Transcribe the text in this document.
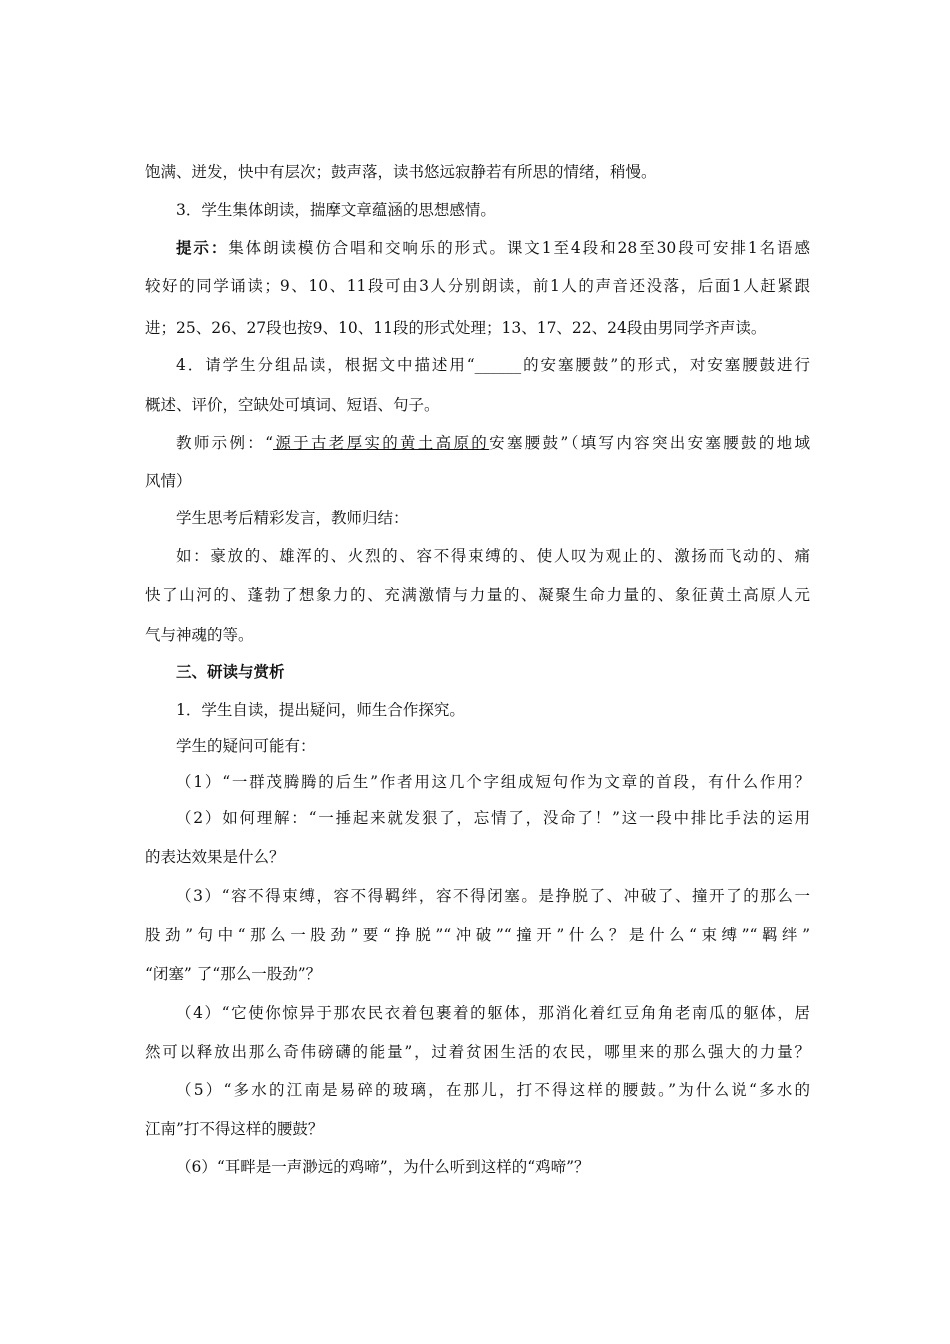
饱满、迸发，快中有层次；鼓声落，读书悠远寂静若有所思的情绪，稍慢。
3．学生集体朗读，揣摩文章蕴涵的思想感情。
提示：集体朗读模仿合唱和交响乐的形式。课文1至4段和28至30段可安排1名语感
较好的同学诵读；9、10、11段可由3人分别朗读，前1人的声音还没落，后面1人赶紧跟
进；25、26、27段也按9、10、11段的形式处理；13、17、22、24段由男同学齐声读。
4．请学生分组品读，根据文中描述用“______的安塞腰鼓”的形式，对安塞腰鼓进行
概述、评价，空缺处可填词、短语、句子。
教师示例：“源于古老厚实的黄土高原的安塞腰鼓”（填写内容突出安塞腰鼓的地域
风情）
学生思考后精彩发言，教师归结：
如：豪放的、雄浑的、火烈的、容不得束缚的、使人叹为观止的、激扬而飞动的、痛
快了山河的、蓬勃了想象力的、充满激情与力量的、凝聚生命力量的、象征黄土高原人元
气与神魂的等。
三、研读与赏析
1．学生自读，提出疑问，师生合作探究。
学生的疑问可能有：
（1）“一群茂腾腾的后生”作者用这几个字组成短句作为文章的首段，有什么作用？
（2）如何理解：“一捶起来就发狠了，忘情了，没命了！”这一段中排比手法的运用
的表达效果是什么？
（3）“容不得束缚，容不得羁绊，容不得闭塞。是挣脱了、冲破了、撞开了的那么一
股劲”句中“那么一股劲”要“挣脱”“冲破”“撞开”什么？是什么“束缚”“羁绊”
“闭塞” 了“那么一股劲”？
（4）“它使你惊异于那农民衣着包裹着的躯体，那消化着红豆角角老南瓜的躯体，居
然可以释放出那么奇伟磅礴的能量”，过着贫困生活的农民，哪里来的那么强大的力量？
（5）“多水的江南是易碎的玻璃，在那儿，打不得这样的腰鼓。”为什么说“多水的
江南”打不得这样的腰鼓？
（6）“耳畔是一声渺远的鸡啼”，为什么听到这样的“鸡啼”？
